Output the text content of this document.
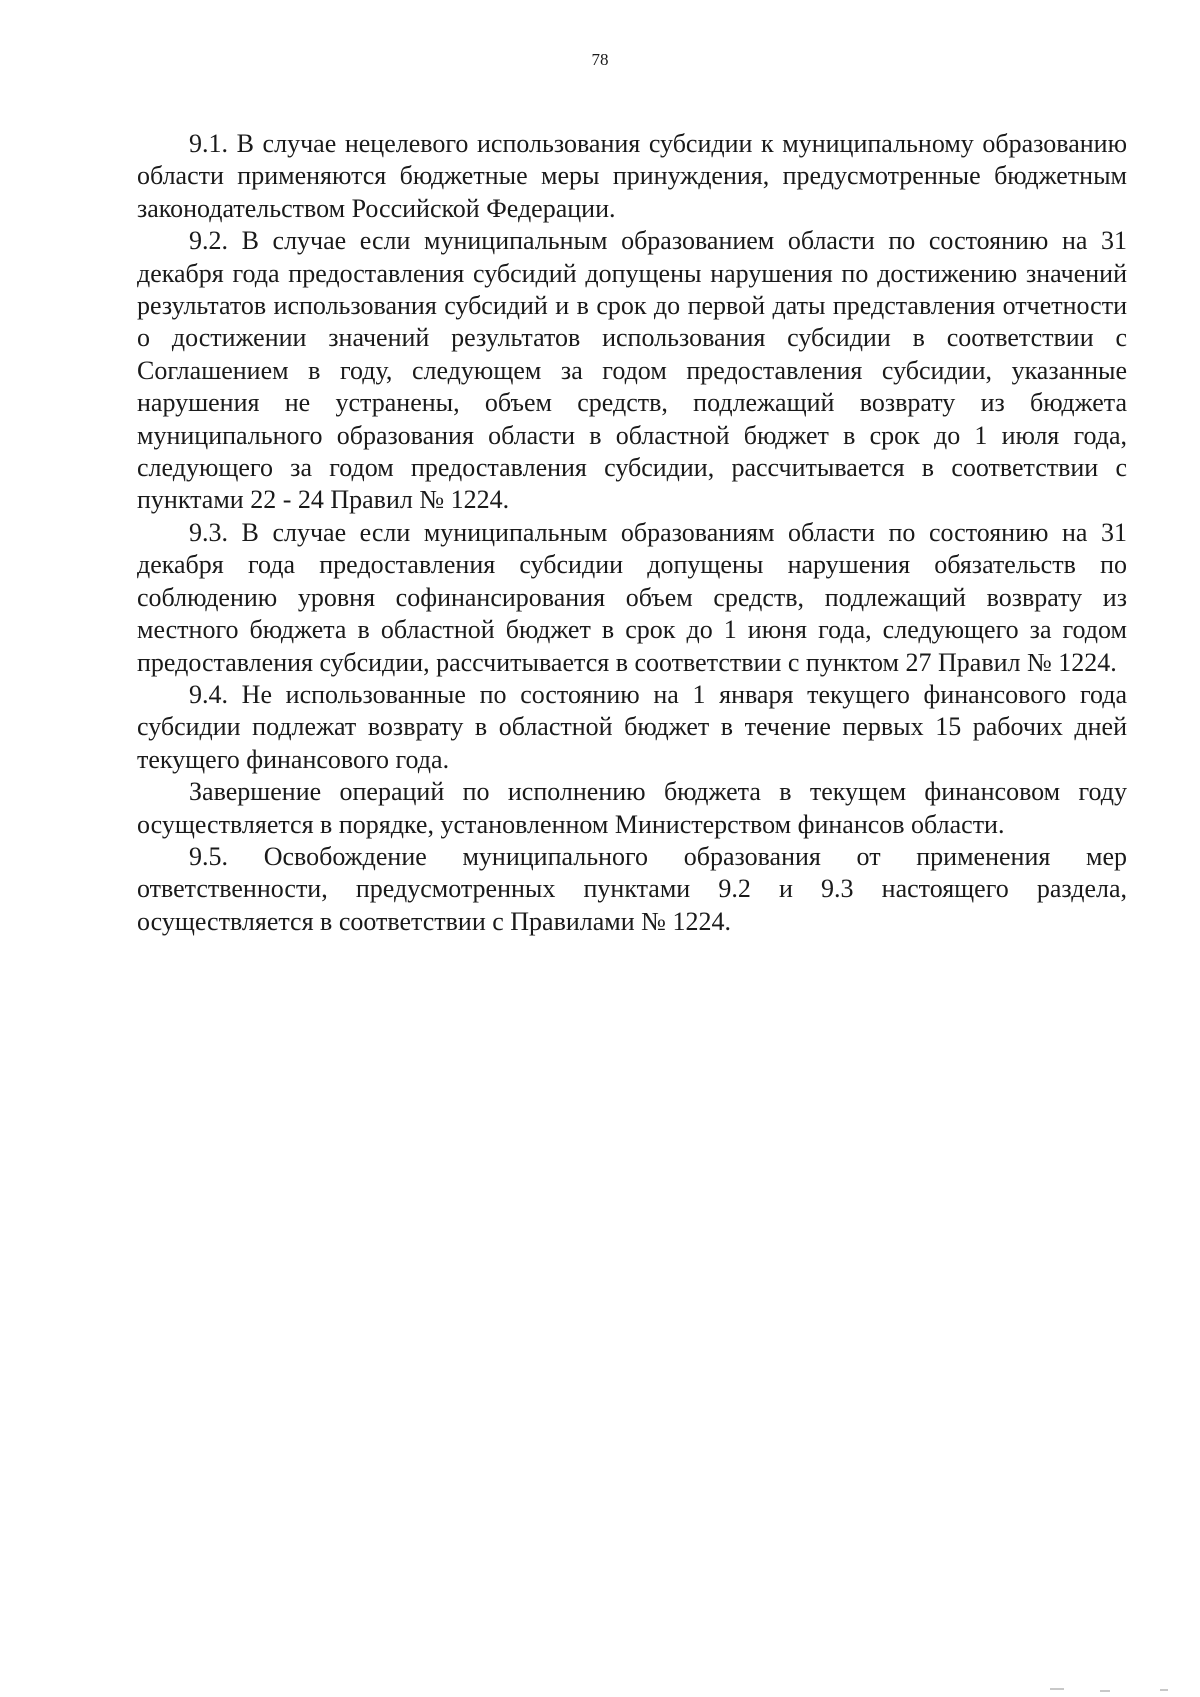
78

9.1. В случае нецелевого использования субсидии к муниципальному образованию области применяются бюджетные меры принуждения, предусмотренные бюджетным законодательством Российской Федерации.

9.2. В случае если муниципальным образованием области по состоянию на 31 декабря года предоставления субсидий допущены нарушения по достижению значений результатов использования субсидий и в срок до первой даты представления отчетности о достижении значений результатов использования субсидии в соответствии с Соглашением в году, следующем за годом предоставления субсидии, указанные нарушения не устранены, объем средств, подлежащий возврату из бюджета муниципального образования области в областной бюджет в срок до 1 июля года, следующего за годом предоставления субсидии, рассчитывается в соответствии с пунктами 22 - 24 Правил № 1224.

9.3. В случае если муниципальным образованиям области по состоянию на 31 декабря года предоставления субсидии допущены нарушения обязательств по соблюдению уровня софинансирования объем средств, подлежащий возврату из местного бюджета в областной бюджет в срок до 1 июня года, следующего за годом предоставления субсидии, рассчитывается в соответствии с пунктом 27 Правил № 1224.

9.4. Не использованные по состоянию на 1 января текущего финансового года субсидии подлежат возврату в областной бюджет в течение первых 15 рабочих дней текущего финансового года.

Завершение операций по исполнению бюджета в текущем финансовом году осуществляется в порядке, установленном Министерством финансов области.

9.5. Освобождение муниципального образования от применения мер ответственности, предусмотренных пунктами 9.2 и 9.3 настоящего раздела, осуществляется в соответствии с Правилами № 1224.
